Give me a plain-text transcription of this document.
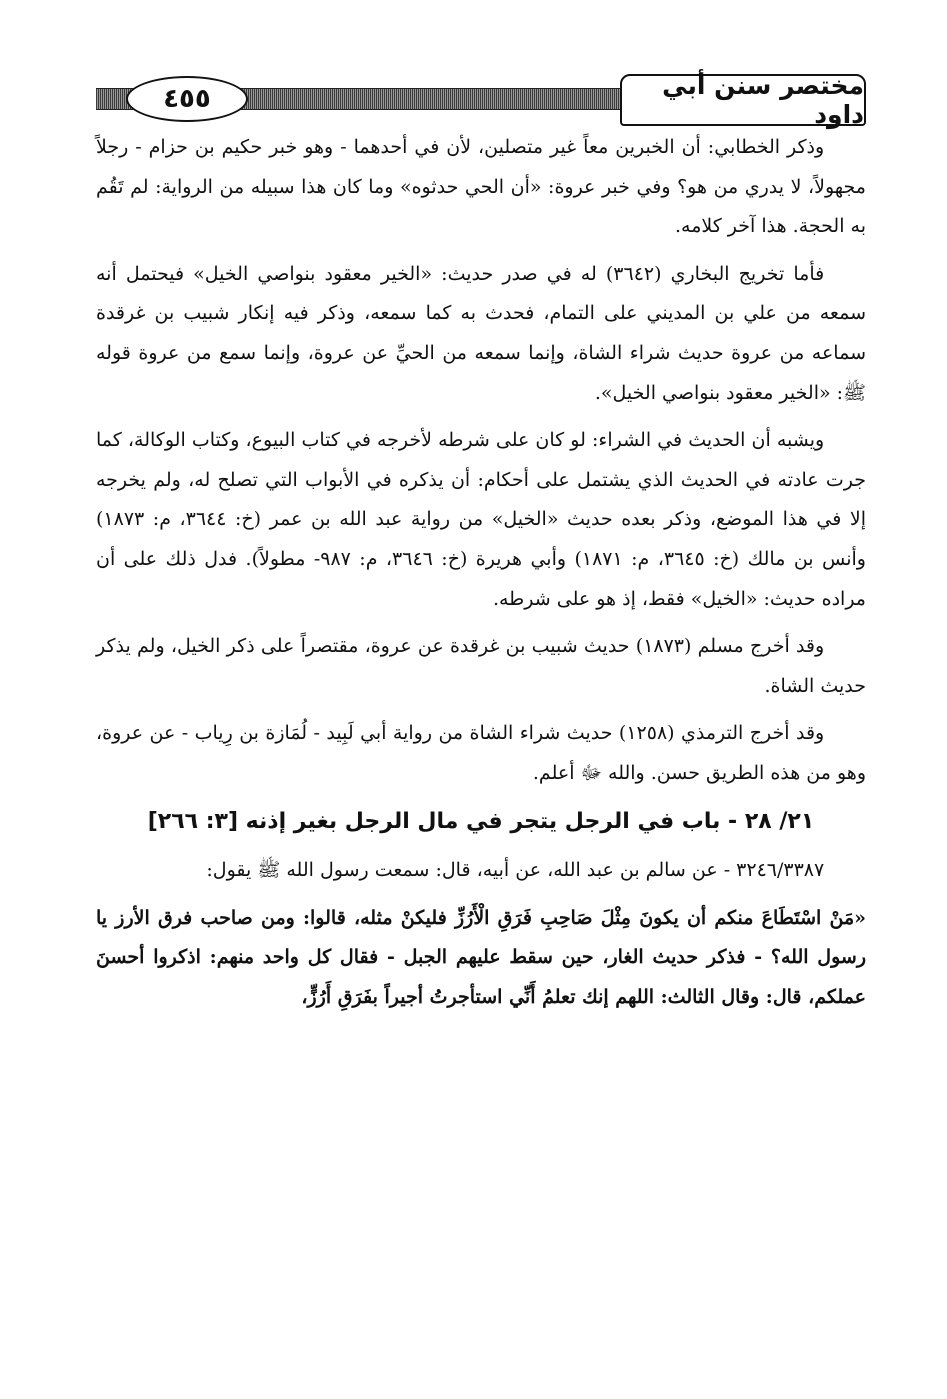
٤٥٥	مختصر سنن أبي داود

وذكر الخطابي: أن الخبرين معاً غير متصلين، لأن في أحدهما - وهو خبر حكيم بن حزام - رجلاً مجهولاً، لا يدري من هو؟ وفي خبر عروة: «أن الحي حدثوه» وما كان هذا سبيله من الرواية: لم تَقُم به الحجة. هذا آخر كلامه.

فأما تخريج البخاري (٣٦٤٢) له في صدر حديث: «الخير معقود بنواصي الخيل» فيحتمل أنه سمعه من علي بن المديني على التمام، فحدث به كما سمعه، وذكر فيه إنكار شبيب بن غرقدة سماعه من عروة حديث شراء الشاة، وإنما سمعه من الحيِّ عن عروة، وإنما سمع من عروة قوله ﷺ: «الخير معقود بنواصي الخيل».

ويشبه أن الحديث في الشراء: لو كان على شرطه لأخرجه في كتاب البيوع، وكتاب الوكالة، كما جرت عادته في الحديث الذي يشتمل على أحكام: أن يذكره في الأبواب التي تصلح له، ولم يخرجه إلا في هذا الموضع، وذكر بعده حديث «الخيل» من رواية عبد الله بن عمر (خ: ٣٦٤٤، م: ١٨٧٣) وأنس بن مالك (خ: ٣٦٤٥، م: ١٨٧١) وأبي هريرة (خ: ٣٦٤٦، م: ٩٨٧- مطولاً). فدل ذلك على أن مراده حديث: «الخيل» فقط، إذ هو على شرطه.

وقد أخرج مسلم (١٨٧٣) حديث شبيب بن غرقدة عن عروة، مقتصراً على ذكر الخيل، ولم يذكر حديث الشاة.

وقد أخرج الترمذي (١٢٥٨) حديث شراء الشاة من رواية أبي لَبِيد - لُمَازة بن رِياب - عن عروة، وهو من هذه الطريق حسن. والله ﷻ أعلم.

٢١/ ٢٨ - باب في الرجل يتجر في مال الرجل بغير إذنه [٣: ٢٦٦]

٣٢٤٦/٣٣٨٧ - عن سالم بن عبد الله، عن أبيه، قال: سمعت رسول الله ﷺ يقول:

«مَنْ اسْتَطَاعَ منكم أن يكونَ مِثْلَ صَاحِبِ فَرَقِ الْأَرُزِّ فليكنْ مثله، قالوا: ومن صاحب فرق الأرز يا رسول الله؟ - فذكر حديث الغار، حين سقط عليهم الجبل - فقال كل واحد منهم: اذكروا أحسنَ عملكم، قال: وقال الثالث: اللهم إنك تعلمُ أَنِّي استأجرتُ أجيراً بفَرَقِ أَرُزٍّ،
